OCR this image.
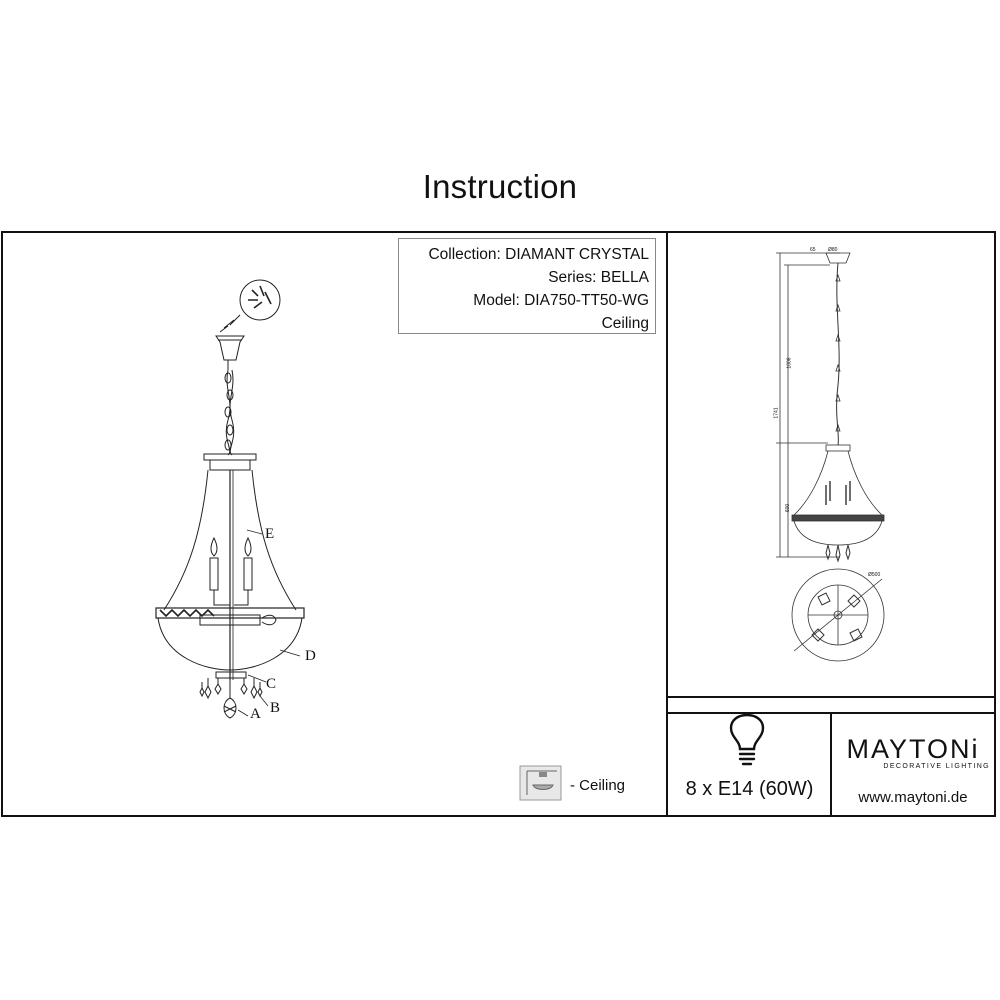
Instruction
Collection: DIAMANT CRYSTAL
Series: BELLA
Model: DIA750-TT50-WG
Ceiling
E
D
C
B
A
- Ceiling
65 Ø80
1006
1741
600
Ø500
8 x E14 (60W)
MAYTONi
DECORATIVE LIGHTING
www.maytoni.de
